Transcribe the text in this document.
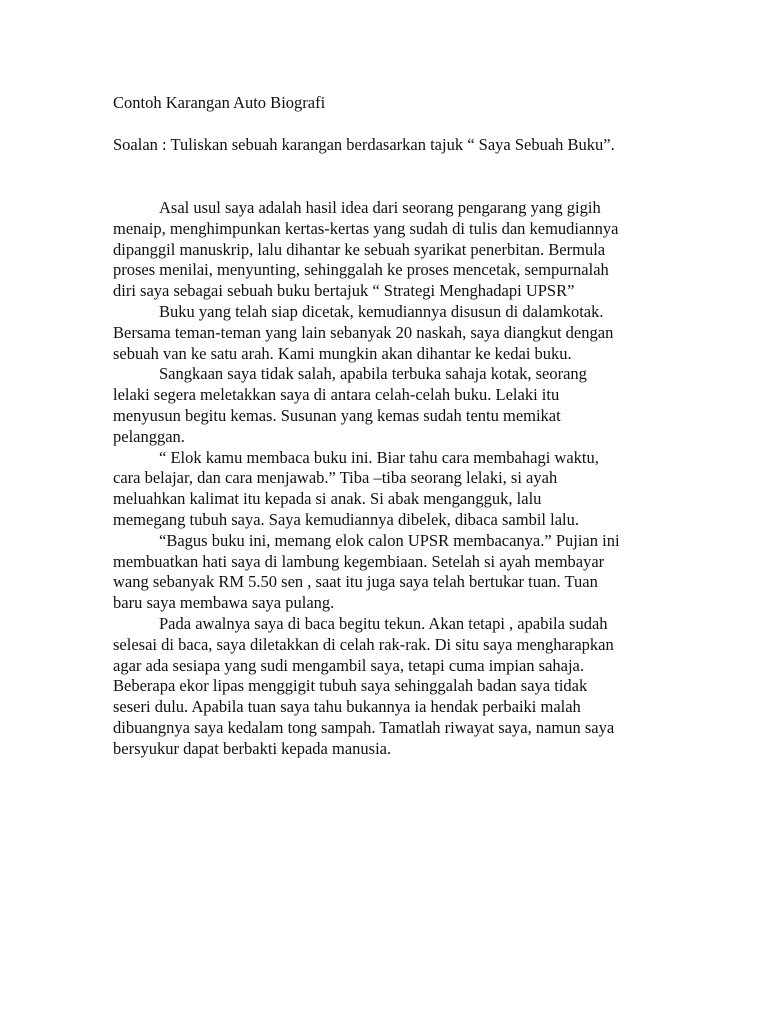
Contoh Karangan Auto Biografi
Soalan : Tuliskan sebuah karangan berdasarkan tajuk “ Saya Sebuah Buku”.

Asal usul saya adalah hasil idea dari seorang pengarang yang gigih
menaip, menghimpunkan kertas-kertas yang sudah di tulis dan kemudiannya
dipanggil manuskrip, lalu dihantar ke sebuah syarikat penerbitan. Bermula
proses menilai, menyunting, sehinggalah ke proses mencetak, sempurnalah
diri saya sebagai sebuah buku bertajuk “ Strategi Menghadapi UPSR”

Buku yang telah siap dicetak, kemudiannya disusun di dalamkotak.
Bersama teman-teman yang lain sebanyak 20 naskah, saya diangkut dengan
sebuah van ke satu arah. Kami mungkin akan dihantar ke kedai buku.

Sangkaan saya tidak salah, apabila terbuka sahaja kotak, seorang
lelaki segera meletakkan saya di antara celah-celah buku. Lelaki itu
menyusun begitu kemas. Susunan yang kemas sudah tentu memikat
pelanggan.

“ Elok kamu membaca buku ini. Biar tahu cara membahagi waktu,
cara belajar, dan cara menjawab.” Tiba –tiba seorang lelaki, si ayah
meluahkan kalimat itu kepada si anak. Si abak mengangguk, lalu
memegang tubuh saya. Saya kemudiannya dibelek, dibaca sambil lalu.

“Bagus buku ini, memang elok calon UPSR membacanya.” Pujian ini
membuatkan hati saya di lambung kegembiaan. Setelah si ayah membayar
wang sebanyak RM 5.50 sen , saat itu juga saya telah bertukar tuan. Tuan
baru saya membawa saya pulang.

Pada awalnya saya di baca begitu tekun. Akan tetapi , apabila sudah
selesai di baca, saya diletakkan di celah rak-rak. Di situ saya mengharapkan
agar ada sesiapa yang sudi mengambil saya, tetapi cuma impian sahaja.
Beberapa ekor lipas menggigit tubuh saya sehinggalah badan saya tidak
seseri dulu. Apabila tuan saya tahu bukannya ia hendak perbaiki malah
dibuangnya saya kedalam tong sampah. Tamatlah riwayat saya, namun saya
bersyukur dapat berbakti kepada manusia.
